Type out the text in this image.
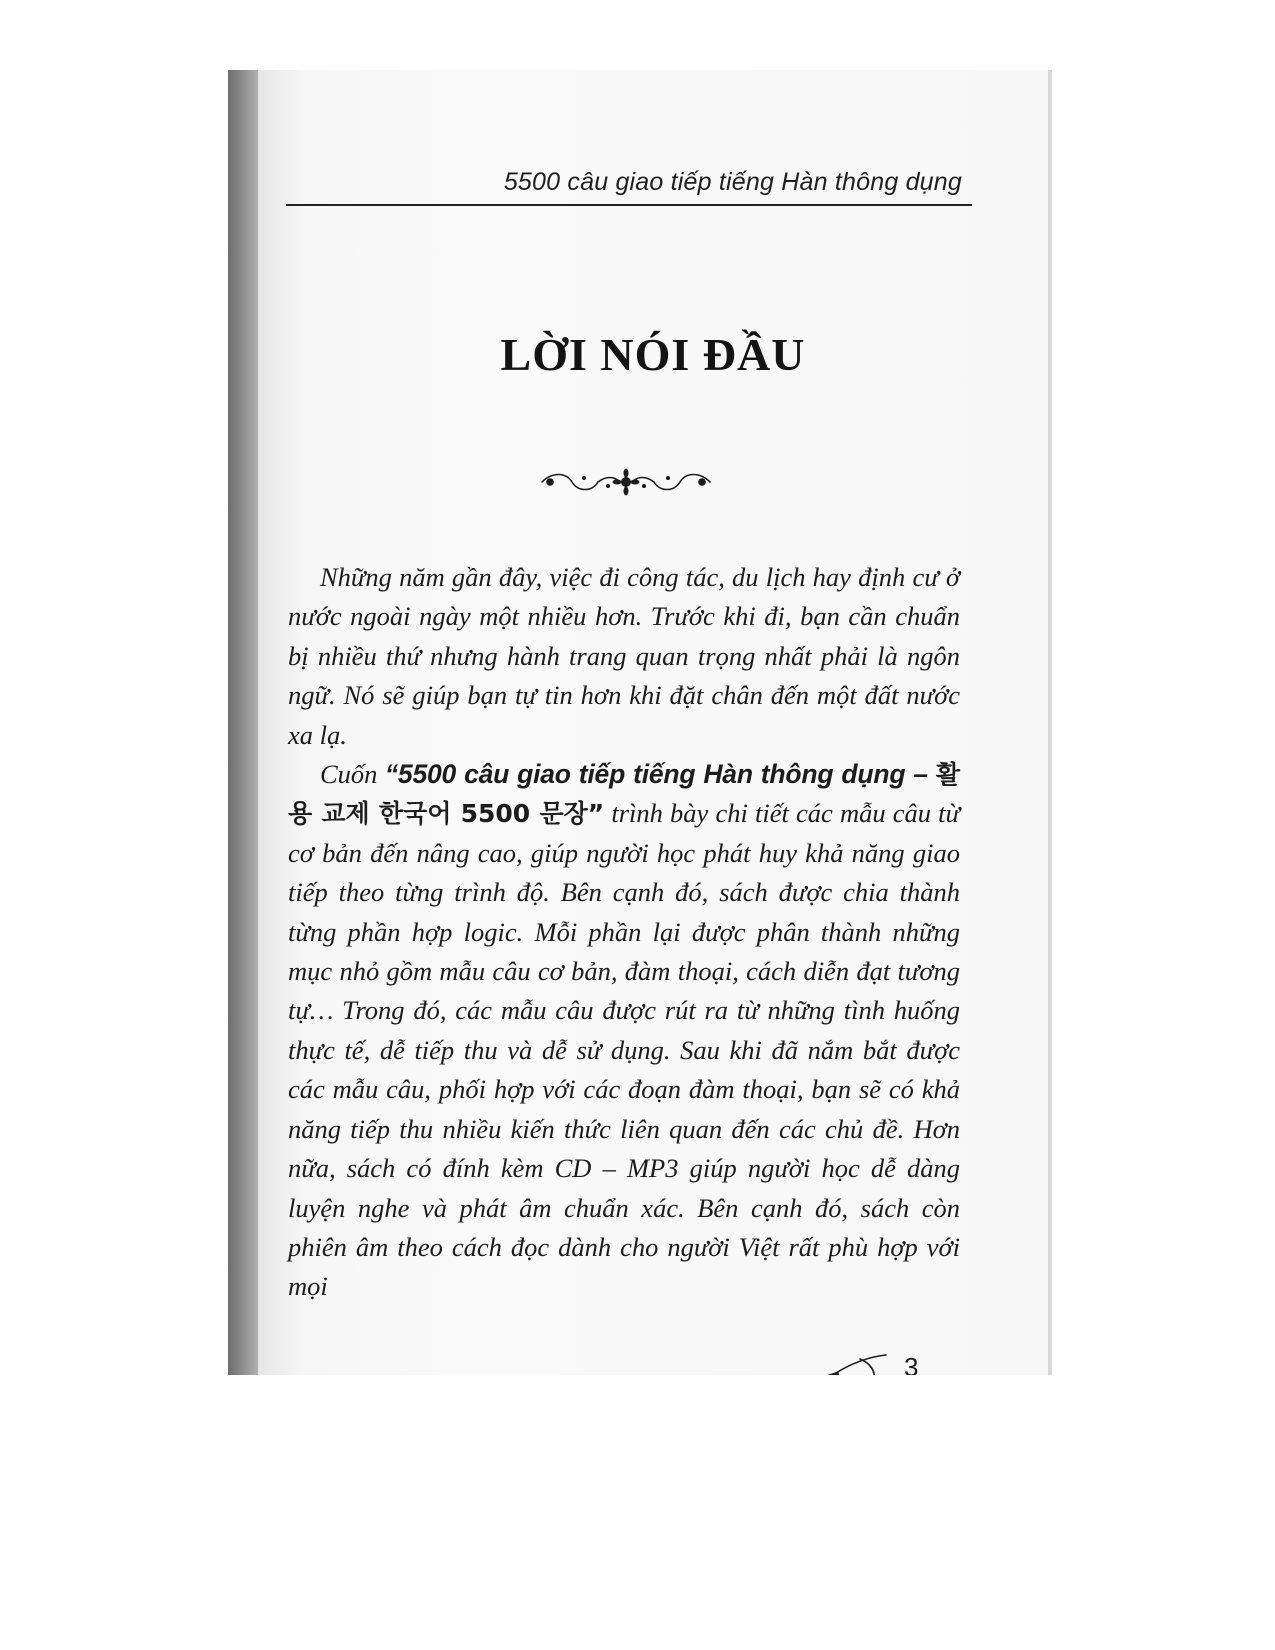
5500 câu giao tiếp tiếng Hàn thông dụng
LỜI NÓI ĐẦU

Những năm gần đây, việc đi công tác, du lịch hay định cư ở nước ngoài ngày một nhiều hơn. Trước khi đi, bạn cần chuẩn bị nhiều thứ nhưng hành trang quan trọng nhất phải là ngôn ngữ. Nó sẽ giúp bạn tự tin hơn khi đặt chân đến một đất nước xa lạ.

Cuốn “5500 câu giao tiếp tiếng Hàn thông dụng – 활용 교제 한국어 5500 문장” trình bày chi tiết các mẫu câu từ cơ bản đến nâng cao, giúp người học phát huy khả năng giao tiếp theo từng trình độ. Bên cạnh đó, sách được chia thành từng phần hợp logic. Mỗi phần lại được phân thành những mục nhỏ gồm mẫu câu cơ bản, đàm thoại, cách diễn đạt tương tự… Trong đó, các mẫu câu được rút ra từ những tình huống thực tế, dễ tiếp thu và dễ sử dụng. Sau khi đã nắm bắt được các mẫu câu, phối hợp với các đoạn đàm thoại, bạn sẽ có khả năng tiếp thu nhiều kiến thức liên quan đến các chủ đề. Hơn nữa, sách có đính kèm CD – MP3 giúp người học dễ dàng luyện nghe và phát âm chuẩn xác. Bên cạnh đó, sách còn phiên âm theo cách đọc dành cho người Việt rất phù hợp với mọi

3
